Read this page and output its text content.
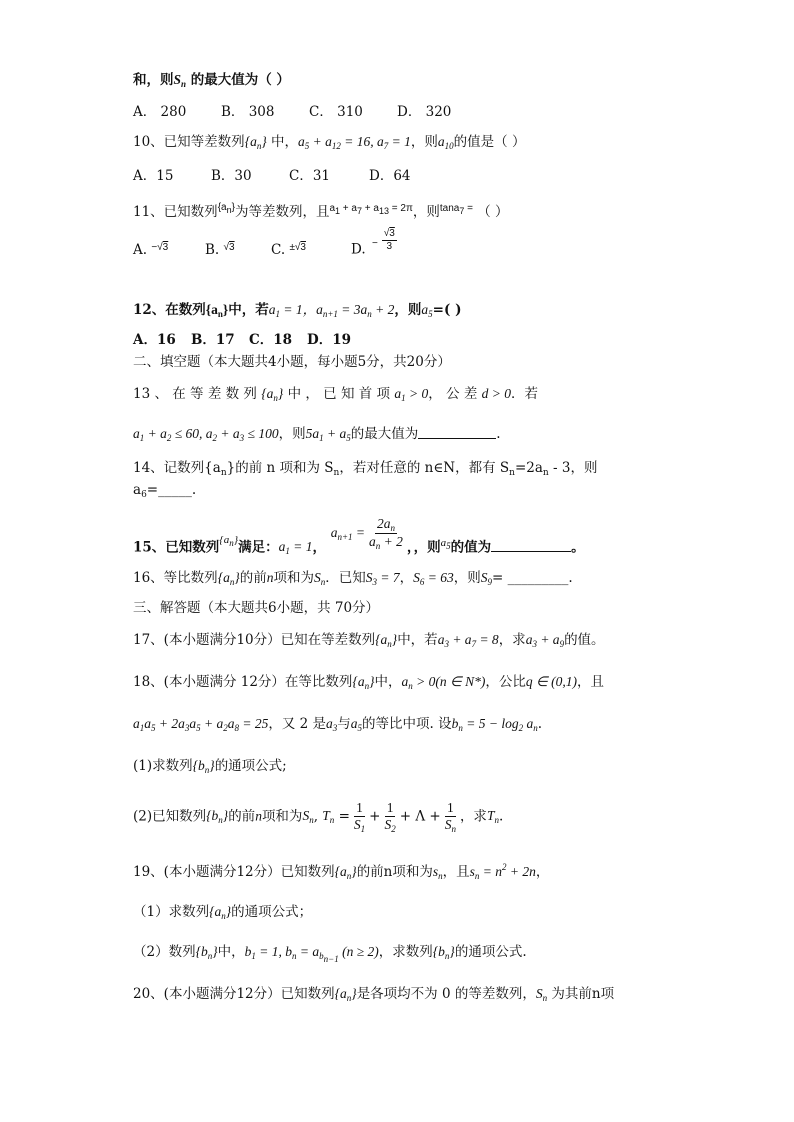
和，则$S_n$ 的最大值为（ ）
A． 280	B． 308	C． 310	D． 320
10、已知等差数列$\{a_n\}$ 中，$a_5 + a_{12} = 16$, $a_7 = 1$，则$a_{10}$的值是（ ）
A．15	B．30	C．31	D．64
11、已知数列$^{\{a_n\}}$为等差数列，且$^{a_1 + a_7 + a_{13} = 2\pi}$，则$^{tana_7 =}$ （ ）
A. $^{-√3}$	B. $^{√3}$	C. $^{\pm√3}$	D. − $\frac{√3}{3}$
12、在数列$\{a_n\}$中，若$a_1 = 1$，$a_{n+1} = 3a_n + 2$，则$a_5=$( )
A．16 B．17 C．18 D．19
二、填空题（本大题共4小题，每小题5分，共20分）
13 、 在 等 差 数 列 $\{a_n\}$ 中 ， 已 知 首 项 $a_1 > 0$， 公 差 d > 0．若
$a_1 + a_2 \le 60$, $a_2 + a_3 \le 100$，则$5a_1 + a_5$的最大值为	.
14、记数列$\{a_n\}$的前 n 项和为 $S_n$，若对任意的 n∈N，都有 $S_n=2a_n - 3$，则
$a_6=\_\_\_\_\_$.
15、已知数列$^{\{a_n\}}$满足：$a_1 = 1$， $a_{n+1} = \frac{2a_n}{a_n + 2}$ ，，则$^{a_5}$的值为	。
16、等比数列$\{a_n\}$的前n项和为$S_n$．已知$S_3 = 7$，$S_6 = 63$，则$S_9=$ _________.
三、解答题（本大题共6小题，共 70分）
17、(本小题满分10分）已知在等差数列$\{a_n\}$中，若$a_3 + a_7 = 8$，求$a_3 + a_9$的值。
18、(本小题满分 12分）在等比数列$\{a_n\}$中，$a_n > 0(n$ ∈ N*)，公比q ∈ (0,1)，且
$a_1a_5 + 2a_3a_5 + a_2a_8 = 25$，又 2 是$a_3$与$a_5$的等比中项. 设$b_n = 5 - \log_2 a_n$.
(1)求数列$\{b_n\}$的通项公式;
(2)已知数列$\{b_n\}$的前n项和为$S_n$, $T_n = \frac{1}{S_1} + \frac{1}{S_2} + \Lambda + \frac{1}{S_n}$ ，求$T_n$.
19、(本小题满分12分）已知数列$\{a_n\}$的前n项和为$s_n$，且$s_n = n^2 + 2n$，
（1）求数列$\{a_n\}$的通项公式；
（2）数列$\{b_n\}$中，$b_1 = 1$, $b_n = a_{b_{n-1}}$ (n ≥ 2)，求数列$\{b_n\}$的通项公式.
20、(本小题满分12分）已知数列$\{a_n\}$是各项均不为 0 的等差数列，$S_n$ 为其前n项
